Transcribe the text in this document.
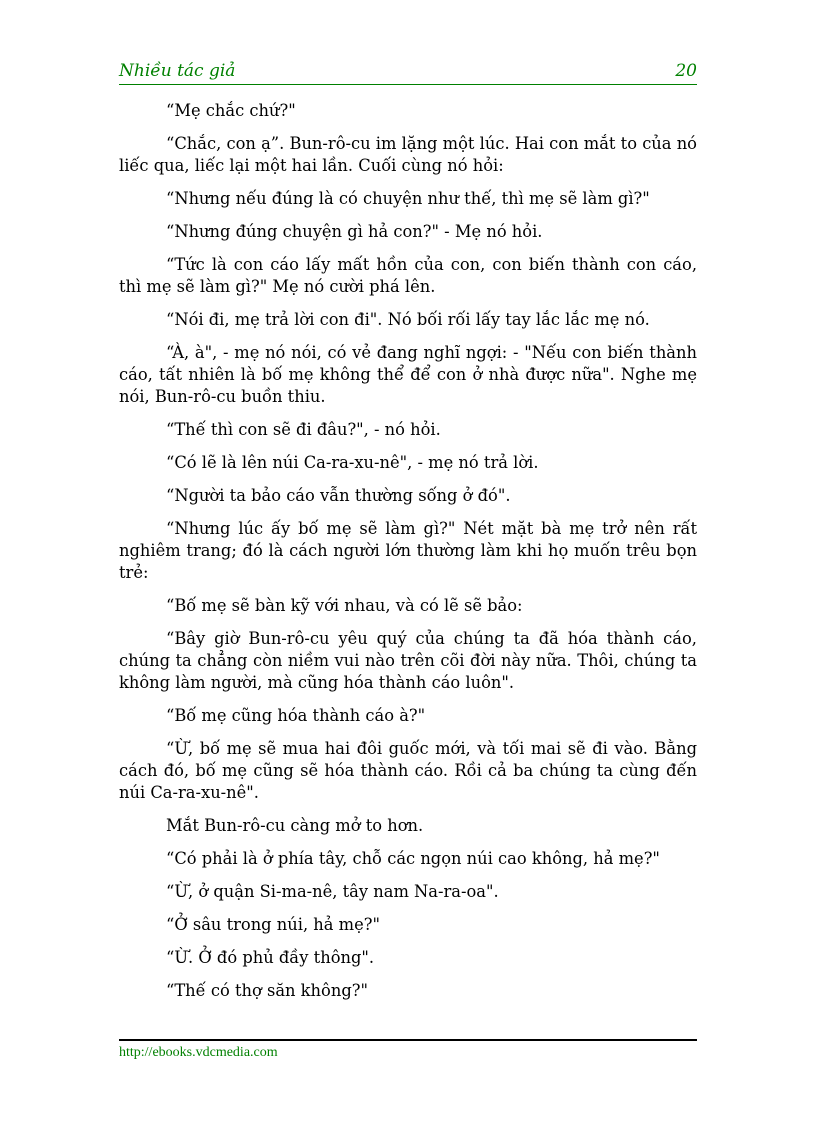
Nhiều tác giả	20

“Mẹ chắc chứ?"

“Chắc, con ạ”. Bun-rô-cu im lặng một lúc. Hai con mắt to của nó liếc qua, liếc lại một hai lần. Cuối cùng nó hỏi:

“Nhưng nếu đúng là có chuyện như thế, thì mẹ sẽ làm gì?"

“Nhưng đúng chuyện gì hả con?" - Mẹ nó hỏi.

“Tức là con cáo lấy mất hồn của con, con biến thành con cáo, thì mẹ sẽ làm gì?" Mẹ nó cười phá lên.

“Nói đi, mẹ trả lời con đi". Nó bối rối lấy tay lắc lắc mẹ nó.

“À, à", - mẹ nó nói, có vẻ đang nghĩ ngợi: - "Nếu con biến thành cáo, tất nhiên là bố mẹ không thể để con ở nhà được nữa". Nghe mẹ nói, Bun-rô-cu buồn thiu.

“Thế thì con sẽ đi đâu?", - nó hỏi.

“Có lẽ là lên núi Ca-ra-xu-nê", - mẹ nó trả lời.

“Người ta bảo cáo vẫn thường sống ở đó".

“Nhưng lúc ấy bố mẹ sẽ làm gì?" Nét mặt bà mẹ trở nên rất nghiêm trang; đó là cách người lớn thường làm khi họ muốn trêu bọn trẻ:

“Bố mẹ sẽ bàn kỹ với nhau, và có lẽ sẽ bảo:

“Bây giờ Bun-rô-cu yêu quý của chúng ta đã hóa thành cáo, chúng ta chẳng còn niềm vui nào trên cõi đời này nữa. Thôi, chúng ta không làm người, mà cũng hóa thành cáo luôn".

“Bố mẹ cũng hóa thành cáo à?"

“Ừ, bố mẹ sẽ mua hai đôi guốc mới, và tối mai sẽ đi vào. Bằng cách đó, bố mẹ cũng sẽ hóa thành cáo. Rồi cả ba chúng ta cùng đến núi Ca-ra-xu-nê".

Mắt Bun-rô-cu càng mở to hơn.

“Có phải là ở phía tây, chỗ các ngọn núi cao không, hả mẹ?"

“Ừ, ở quận Si-ma-nê, tây nam Na-ra-oa".

“Ở sâu trong núi, hả mẹ?"

“Ừ. Ở đó phủ đầy thông".

“Thế có thợ săn không?"

http://ebooks.vdcmedia.com
